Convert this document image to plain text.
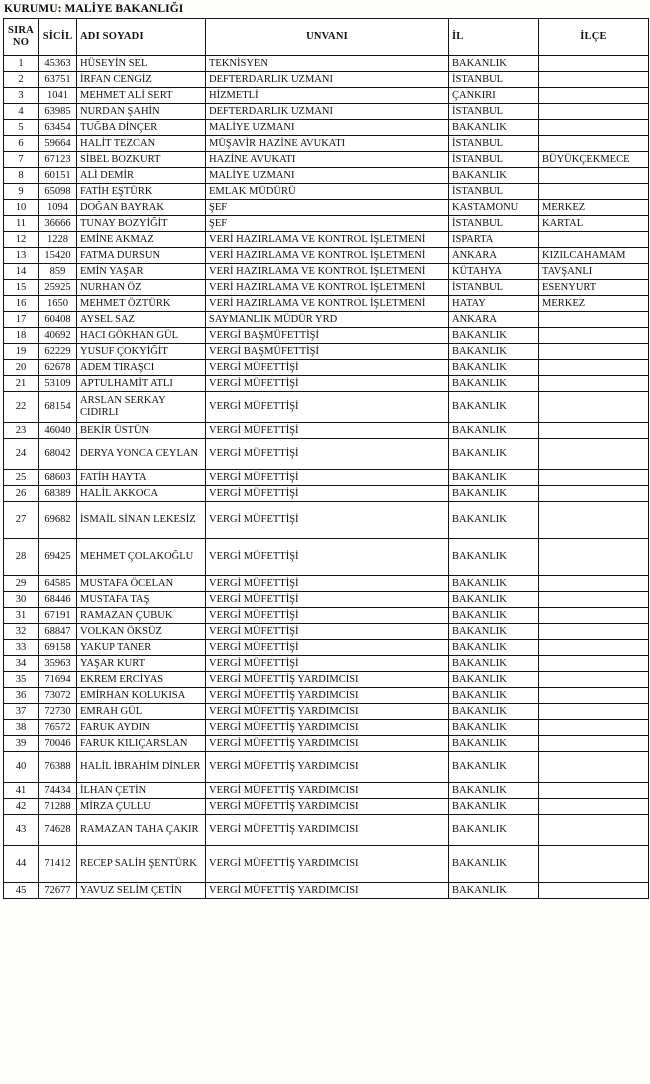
KURUMU: MALİYE BAKANLIĞI
SIRA NO	SİCİL	ADI SOYADI	UNVANI	İL	İLÇE
1	45363	HÜSEYİN SEL	TEKNİSYEN	BAKANLIK	
2	63751	İRFAN CENGİZ	DEFTERDARLIK UZMANI	İSTANBUL	
3	1041	MEHMET ALİ SERT	HİZMETLİ	ÇANKIRI	
4	63985	NURDAN ŞAHİN	DEFTERDARLIK UZMANI	İSTANBUL	
5	63454	TUĞBA DİNÇER	MALİYE UZMANI	BAKANLIK	
6	59664	HALİT TEZCAN	MÜŞAVİR HAZİNE AVUKATI	İSTANBUL	
7	67123	SİBEL BOZKURT	HAZİNE AVUKATI	İSTANBUL	BÜYÜKÇEKMECE
8	60151	ALİ DEMİR	MALİYE UZMANI	BAKANLIK	
9	65098	FATİH EŞTÜRK	EMLAK MÜDÜRÜ	İSTANBUL	
10	1094	DOĞAN BAYRAK	ŞEF	KASTAMONU	MERKEZ
11	36666	TUNAY BOZYİĞİT	ŞEF	İSTANBUL	KARTAL
12	1228	EMİNE AKMAZ	VERİ HAZIRLAMA VE KONTROL İŞLETMENİ	ISPARTA	
13	15420	FATMA DURSUN	VERİ HAZIRLAMA VE KONTROL İŞLETMENİ	ANKARA	KIZILCAHAMAM
14	859	EMİN YAŞAR	VERİ HAZIRLAMA VE KONTROL İŞLETMENİ	KÜTAHYA	TAVŞANLI
15	25925	NURHAN ÖZ	VERİ HAZIRLAMA VE KONTROL İŞLETMENİ	İSTANBUL	ESENYURT
16	1650	MEHMET ÖZTÜRK	VERİ HAZIRLAMA VE KONTROL İŞLETMENİ	HATAY	MERKEZ
17	60408	AYSEL SAZ	SAYMANLIK MÜDÜR YRD	ANKARA	
18	40692	HACI GÖKHAN GÜL	VERGİ BAŞMÜFETTİŞİ	BAKANLIK	
19	62229	YUSUF ÇOKYİĞİT	VERGİ BAŞMÜFETTİŞİ	BAKANLIK	
20	62678	ADEM TIRAŞCI	VERGİ MÜFETTİŞİ	BAKANLIK	
21	53109	APTULHAMİT ATLI	VERGİ MÜFETTİŞİ	BAKANLIK	
22	68154	ARSLAN SERKAY CIDIRLI	VERGİ MÜFETTİŞİ	BAKANLIK	
23	46040	BEKİR ÜSTÜN	VERGİ MÜFETTİŞİ	BAKANLIK	
24	68042	DERYA YONCA CEYLAN	VERGİ MÜFETTİŞİ	BAKANLIK	
25	68603	FATİH HAYTA	VERGİ MÜFETTİŞİ	BAKANLIK	
26	68389	HALİL AKKOCA	VERGİ MÜFETTİŞİ	BAKANLIK	
27	69682	İSMAİL SİNAN LEKESİZ	VERGİ MÜFETTİŞİ	BAKANLIK	
28	69425	MEHMET ÇOLAKOĞLU	VERGİ MÜFETTİŞİ	BAKANLIK	
29	64585	MUSTAFA ÖCELAN	VERGİ MÜFETTİŞİ	BAKANLIK	
30	68446	MUSTAFA TAŞ	VERGİ MÜFETTİŞİ	BAKANLIK	
31	67191	RAMAZAN ÇUBUK	VERGİ MÜFETTİŞİ	BAKANLIK	
32	68847	VOLKAN ÖKSÜZ	VERGİ MÜFETTİŞİ	BAKANLIK	
33	69158	YAKUP TANER	VERGİ MÜFETTİŞİ	BAKANLIK	
34	35963	YAŞAR KURT	VERGİ MÜFETTİŞİ	BAKANLIK	
35	71694	EKREM ERCİYAS	VERGİ MÜFETTİŞ YARDIMCISI	BAKANLIK	
36	73072	EMİRHAN KOLUKISA	VERGİ MÜFETTİŞ YARDIMCISI	BAKANLIK	
37	72730	EMRAH GÜL	VERGİ MÜFETTİŞ YARDIMCISI	BAKANLIK	
38	76572	FARUK AYDIN	VERGİ MÜFETTİŞ YARDIMCISI	BAKANLIK	
39	70046	FARUK KILIÇARSLAN	VERGİ MÜFETTİŞ YARDIMCISI	BAKANLIK	
40	76388	HALİL İBRAHİM DİNLER	VERGİ MÜFETTİŞ YARDIMCISI	BAKANLIK	
41	74434	İLHAN ÇETİN	VERGİ MÜFETTİŞ YARDIMCISI	BAKANLIK	
42	71288	MİRZA ÇULLU	VERGİ MÜFETTİŞ YARDIMCISI	BAKANLIK	
43	74628	RAMAZAN TAHA ÇAKIR	VERGİ MÜFETTİŞ YARDIMCISI	BAKANLIK	
44	71412	RECEP SALİH ŞENTÜRK	VERGİ MÜFETTİŞ YARDIMCISI	BAKANLIK	
45	72677	YAVUZ SELİM ÇETİN	VERGİ MÜFETTİŞ YARDIMCISI	BAKANLIK	
